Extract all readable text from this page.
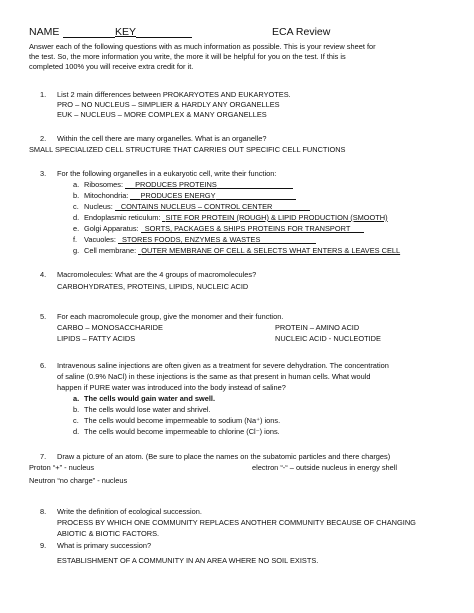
NAME	KEY	ECA Review
Answer each of the following questions with as much information as possible. This is your review sheet for
the test. So, the more information you write, the more it will be helpful for you on the test. If this is
completed 100% you will receive extra credit for it.
1. List 2 main differences between PROKARYOTES AND EUKARYOTES.
PRO – NO NUCLEUS – SIMPLIER & HARDLY ANY ORGANELLES
EUK – NUCLEUS – MORE COMPLEX & MANY ORGANELLES
2. Within the cell there are many organelles. What is an organelle?
SMALL SPECIALIZED CELL STRUCTURE THAT CARRIES OUT SPECIFIC CELL FUNCTIONS
3. For the following organelles in a eukaryotic cell, write their function:
a. Ribosomes: PRODUCES PROTEINS
b. Mitochondria: PRODUCES ENERGY
c. Nucleus: CONTAINS NUCLEUS – CONTROL CENTER
d. Endoplasmic reticulum: SITE FOR PROTEIN (ROUGH) & LIPID PRODUCTION (SMOOTH)
e. Golgi Apparatus: SORTS, PACKAGES & SHIPS PROTEINS FOR TRANSPORT
f. Vacuoles: STORES FOODS, ENZYMES & WASTES
g. Cell membrane: OUTER MEMBRANE OF CELL & SELECTS WHAT ENTERS & LEAVES CELL
4. Macromolecules: What are the 4 groups of macromolecules?
CARBOHYDRATES, PROTEINS, LIPIDS, NUCLEIC ACID
5. For each macromolecule group, give the monomer and their function.
CARBO – MONOSACCHARIDE	PROTEIN – AMINO ACID
LIPIDS – FATTY ACIDS	NUCLEIC ACID - NUCLEOTIDE
6. Intravenous saline injections are often given as a treatment for severe dehydration. The concentration
of saline (0.9% NaCl) in these injections is the same as that present in human cells. What would
happen if PURE water was introduced into the body instead of saline?
a. The cells would gain water and swell.
b. The cells would lose water and shrivel.
c. The cells would become impermeable to sodium (Na⁺) ions.
d. The cells would become impermeable to chlorine (Cl⁻) ions.
7. Draw a picture of an atom. (Be sure to place the names on the subatomic particles and there charges)
Proton “+” - nucleus	electron “-“ – outside nucleus in energy shell
Neutron “no charge” - nucleus
8. Write the definition of ecological succession.
PROCESS BY WHICH ONE COMMUNITY REPLACES ANOTHER COMMUNITY BECAUSE OF CHANGING
ABIOTIC & BIOTIC FACTORS.
9. What is primary succession?
ESTABLISHMENT OF A COMMUNITY IN AN AREA WHERE NO SOIL EXISTS.
